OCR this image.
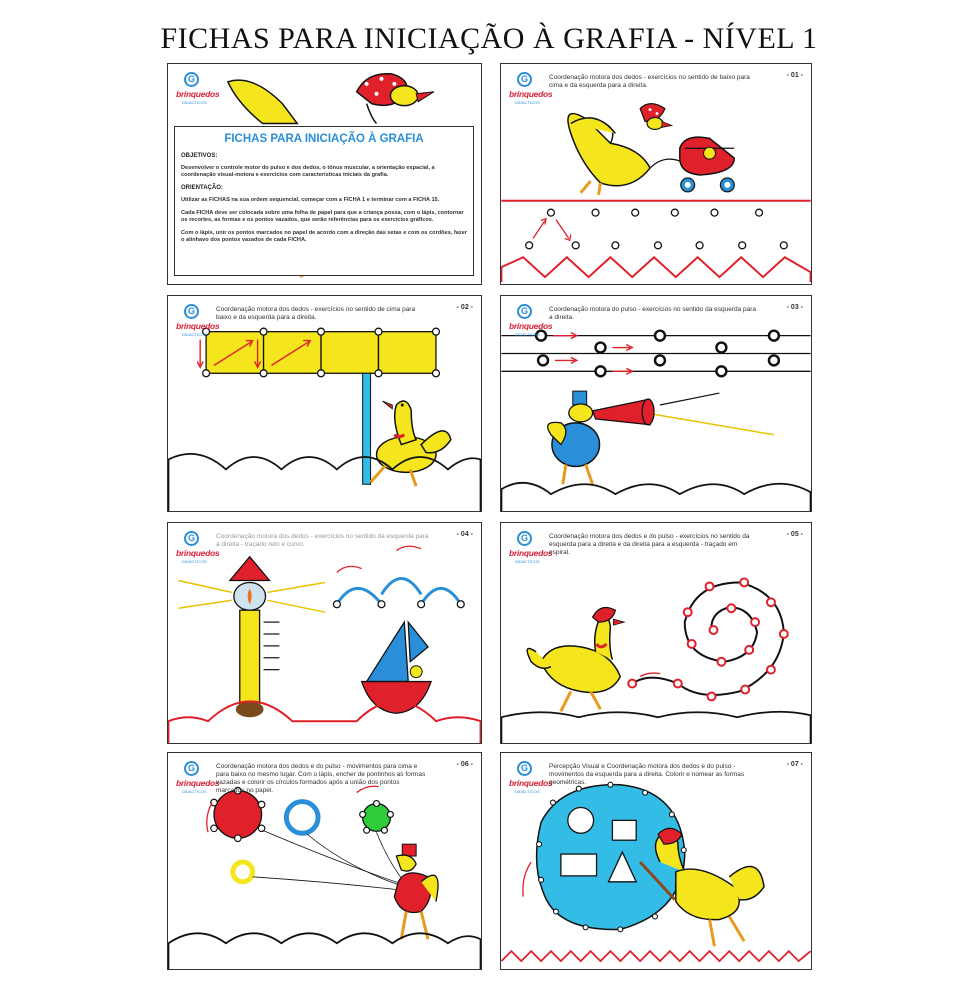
FICHAS PARA INICIAÇÃO À GRAFIA - NÍVEL 1
G
brinquedos
DIDÁCTICOS
FICHAS PARA INICIAÇÃO À GRAFIA
OBJETIVOS:
Desenvolver o controle motor do pulso e dos dedos, o tônus muscular, a orientação espacial, a coordenação visual-motora e exercícios com características iniciais da grafia.
ORIENTAÇÃO:
Utilizar as FICHAS na sua ordem sequencial, começar com a FICHA 1 e terminar com a FICHA 15.
Cada FICHA deve ser colocada sobre uma folha de papel para que a criança possa, com o lápis, contornar os recortes, as formas e os pontos vazados, que serão referências para os exercícios gráficos.
Com o lápis, unir os pontos marcados no papel de acordo com a direção das setas e com os cordões, fazer o alinhavo dos pontos vazados de cada FICHA.
G
brinquedos
DIDÁCTICOS
Coordenação motora dos dedos - exercícios no sentido de baixo para cima e da esquerda para a direita.
- 01 -
G
brinquedos
DIDÁCTICOS
Coordenação motora dos dedos - exercícios no sentido de cima para baixo e da esquerda para a direita.
- 02 -	G
brinquedos
DIDÁCTICOS
Coordenação motora do pulso - exercícios no sentido da esquerda para a direita.
- 03 -
G
brinquedos
DIDÁCTICOS
Coordenação motora dos dedos - exercícios no sentido da esquerda para a direita - traçado reto e curvo.
- 04 -	G
brinquedos
DIDÁCTICOS
Coordenação motora dos dedos e do pulso - exercícios no sentido da esquerda para a direita e da direita para a esquerda - traçado em espiral.
- 05 -
G
brinquedos
DIDÁCTICOS
Coordenação motora dos dedos e do pulso - movimentos para cima e para baixo no mesmo lugar. Com o lápis, encher de pontinhos as formas vazadas e colorir os círculos formados após a união dos pontos marcados no papel.
- 06 -	G
brinquedos
DIDÁCTICOS
Percepção Visual e Coordenação motora dos dedos e do pulso - movimentos da esquerda para a direita. Colorir e nomear as formas geométricas.
- 07 -
